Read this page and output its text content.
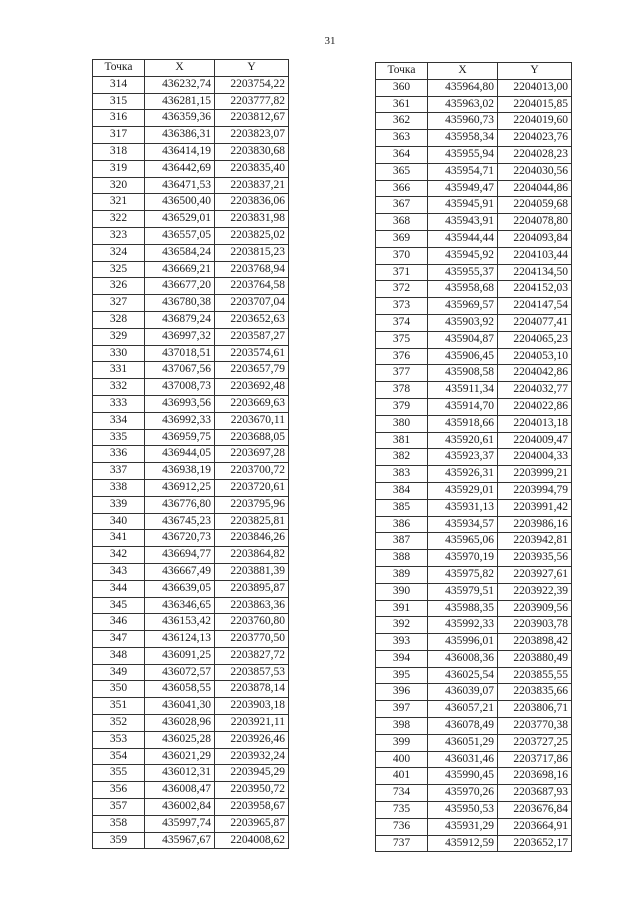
31
Точка	X	Y
314	436232,74	2203754,22
315	436281,15	2203777,82
316	436359,36	2203812,67
317	436386,31	2203823,07
318	436414,19	2203830,68
319	436442,69	2203835,40
320	436471,53	2203837,21
321	436500,40	2203836,06
322	436529,01	2203831,98
323	436557,05	2203825,02
324	436584,24	2203815,23
325	436669,21	2203768,94
326	436677,20	2203764,58
327	436780,38	2203707,04
328	436879,24	2203652,63
329	436997,32	2203587,27
330	437018,51	2203574,61
331	437067,56	2203657,79
332	437008,73	2203692,48
333	436993,56	2203669,63
334	436992,33	2203670,11
335	436959,75	2203688,05
336	436944,05	2203697,28
337	436938,19	2203700,72
338	436912,25	2203720,61
339	436776,80	2203795,96
340	436745,23	2203825,81
341	436720,73	2203846,26
342	436694,77	2203864,82
343	436667,49	2203881,39
344	436639,05	2203895,87
345	436346,65	2203863,36
346	436153,42	2203760,80
347	436124,13	2203770,50
348	436091,25	2203827,72
349	436072,57	2203857,53
350	436058,55	2203878,14
351	436041,30	2203903,18
352	436028,96	2203921,11
353	436025,28	2203926,46
354	436021,29	2203932,24
355	436012,31	2203945,29
356	436008,47	2203950,72
357	436002,84	2203958,67
358	435997,74	2203965,87
359	435967,67	2204008,62
Точка	X	Y
360	435964,80	2204013,00
361	435963,02	2204015,85
362	435960,73	2204019,60
363	435958,34	2204023,76
364	435955,94	2204028,23
365	435954,71	2204030,56
366	435949,47	2204044,86
367	435945,91	2204059,68
368	435943,91	2204078,80
369	435944,44	2204093,84
370	435945,92	2204103,44
371	435955,37	2204134,50
372	435958,68	2204152,03
373	435969,57	2204147,54
374	435903,92	2204077,41
375	435904,87	2204065,23
376	435906,45	2204053,10
377	435908,58	2204042,86
378	435911,34	2204032,77
379	435914,70	2204022,86
380	435918,66	2204013,18
381	435920,61	2204009,47
382	435923,37	2204004,33
383	435926,31	2203999,21
384	435929,01	2203994,79
385	435931,13	2203991,42
386	435934,57	2203986,16
387	435965,06	2203942,81
388	435970,19	2203935,56
389	435975,82	2203927,61
390	435979,51	2203922,39
391	435988,35	2203909,56
392	435992,33	2203903,78
393	435996,01	2203898,42
394	436008,36	2203880,49
395	436025,54	2203855,55
396	436039,07	2203835,66
397	436057,21	2203806,71
398	436078,49	2203770,38
399	436051,29	2203727,25
400	436031,46	2203717,86
401	435990,45	2203698,16
734	435970,26	2203687,93
735	435950,53	2203676,84
736	435931,29	2203664,91
737	435912,59	2203652,17
